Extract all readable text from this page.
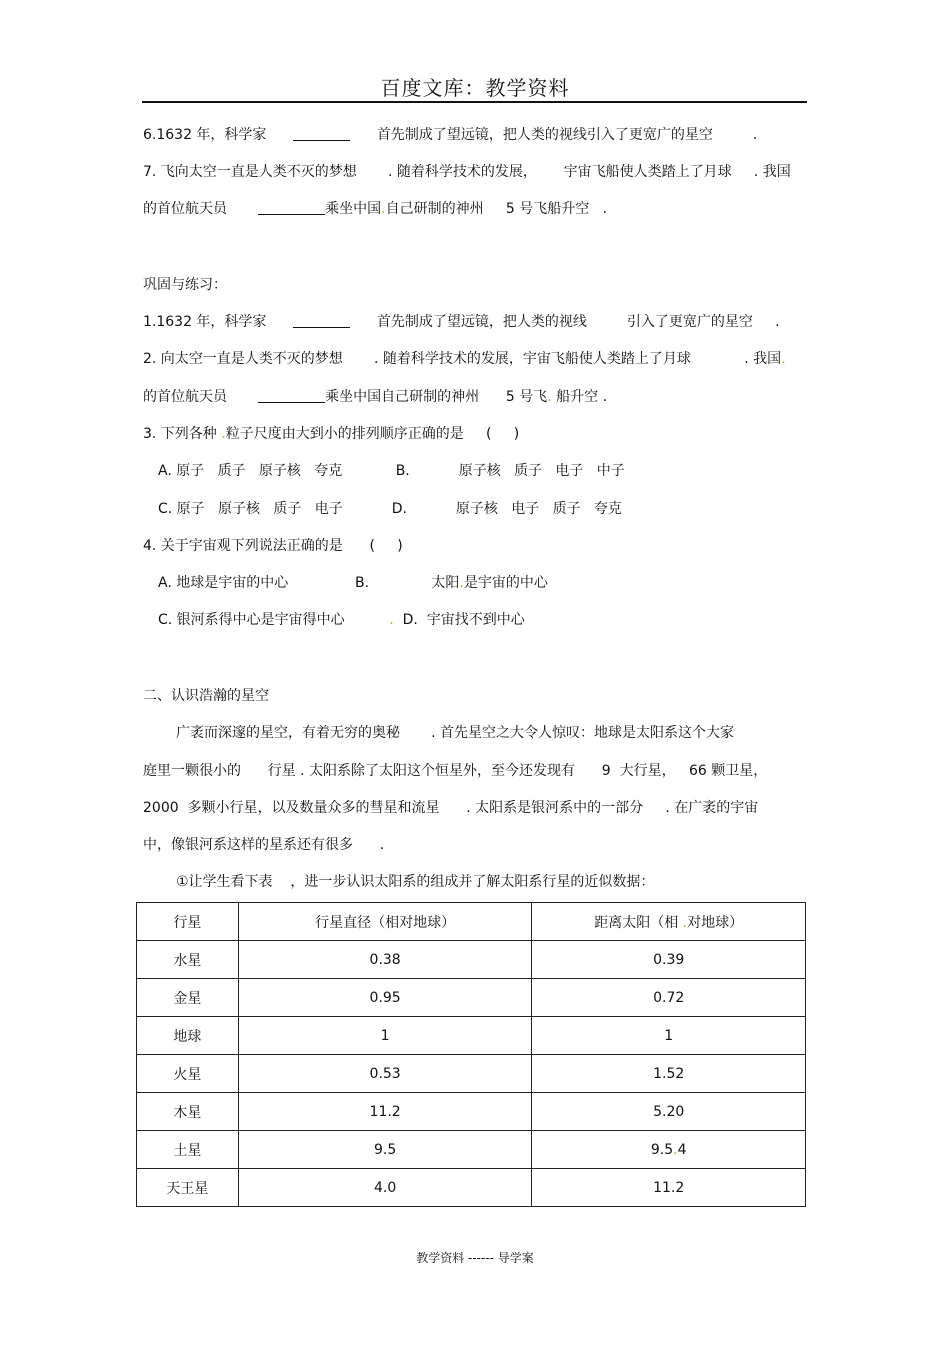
百度文库：教学资料
6.1632 年，科学家	首先制成了望远镜，把人类的视线引入了更宽广的星空	.
7. 飞向太空一直是人类不灭的梦想 . 随着科学技术的发展， 宇宙飞船使人类踏上了月球 . 我国
的首位航天员	乘坐中国.自己研制的神州 5 号飞船升空 .
巩固与练习：
1.1632 年，科学家	首先制成了望远镜，把人类的视线	引入了更宽广的星空 .
2. 向太空一直是人类不灭的梦想 . 随着科学技术的发展，宇宙飞船使人类踏上了月球	. 我国.
的首位航天员	乘坐中国自己研制的神州 5 号飞. 船升空 .
3. 下列各种 .粒子尺度由大到小的排列顺序正确的是 (     )
A. 原子   质子   原子核   夸克	B.	原子核   质子   电子   中子
C. 原子   原子核   质子   电子	D.	原子核   电子   质子   夸克
4. 关于宇宙观下列说法正确的是 (     )
A. 地球是宇宙的中心	B.	太阳.是宇宙的中心
C. 银河系得中心是宇宙得中心	. D. 宇宙找不到中心
二、认识浩瀚的星空
广袤而深邃的星空，有着无穷的奥秘 . 首先星空之大令人惊叹：地球是太阳系这个大家
庭里一颗很小的 行星 . 太阳系除了太阳这个恒星外，至今还发现有 9  大行星， 66 颗卫星，
2000  多颗小行星，以及数量众多的彗星和流星 . 太阳系是银河系中的一部分 . 在广袤的宇宙
中，像银河系这样的星系还有很多 .
①让学生看下表 ，进一步认识太阳系的组成并了解太阳系行星的近似数据：
行星	行星直径（相对地球）	距离太阳（相 .对地球）
水星	0.38	0.39
金星	0.95	0.72
地球	1	1
火星	0.53	1.52
木星	11.2	5.20
土星	9.5	9.5.4
天王星	4.0	11.2
教学资料 ------ 导学案
